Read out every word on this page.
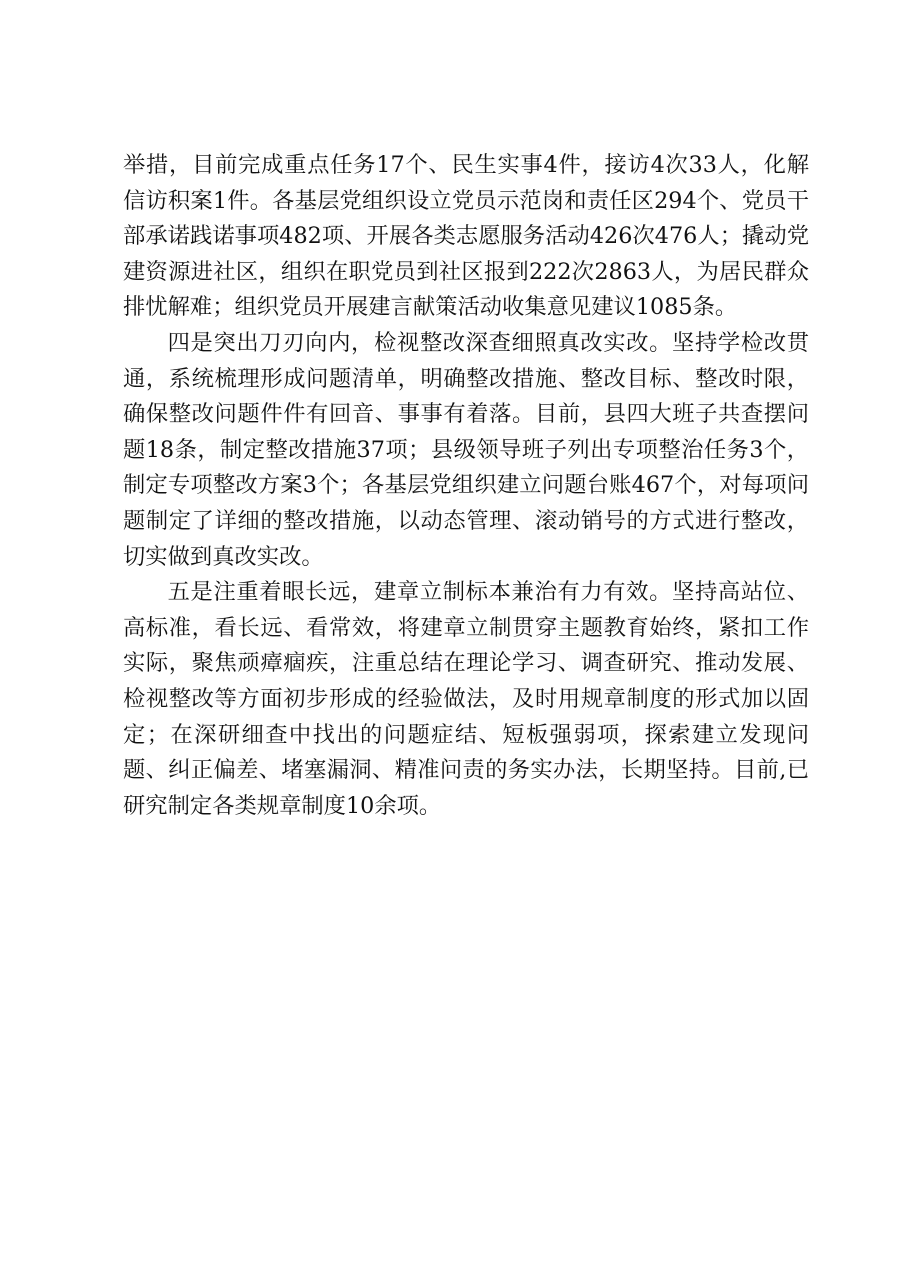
举措，目前完成重点任务17个、民生实事4件，接访4次33人，化解信访积案1件。各基层党组织设立党员示范岗和责任区294个、党员干部承诺践诺事项482项、开展各类志愿服务活动426次476人；撬动党建资源进社区，组织在职党员到社区报到222次2863人，为居民群众排忧解难；组织党员开展建言献策活动收集意见建议1085条。

四是突出刀刃向内，检视整改深查细照真改实改。坚持学检改贯通，系统梳理形成问题清单，明确整改措施、整改目标、整改时限，确保整改问题件件有回音、事事有着落。目前，县四大班子共查摆问题18条，制定整改措施37项；县级领导班子列出专项整治任务3个，制定专项整改方案3个；各基层党组织建立问题台账467个，对每项问题制定了详细的整改措施，以动态管理、滚动销号的方式进行整改，切实做到真改实改。

五是注重着眼长远，建章立制标本兼治有力有效。坚持高站位、高标准，看长远、看常效，将建章立制贯穿主题教育始终，紧扣工作实际，聚焦顽瘴痼疾，注重总结在理论学习、调查研究、推动发展、检视整改等方面初步形成的经验做法，及时用规章制度的形式加以固定；在深研细查中找出的问题症结、短板强弱项，探索建立发现问题、纠正偏差、堵塞漏洞、精准问责的务实办法，长期坚持。目前,已研究制定各类规章制度10余项。
